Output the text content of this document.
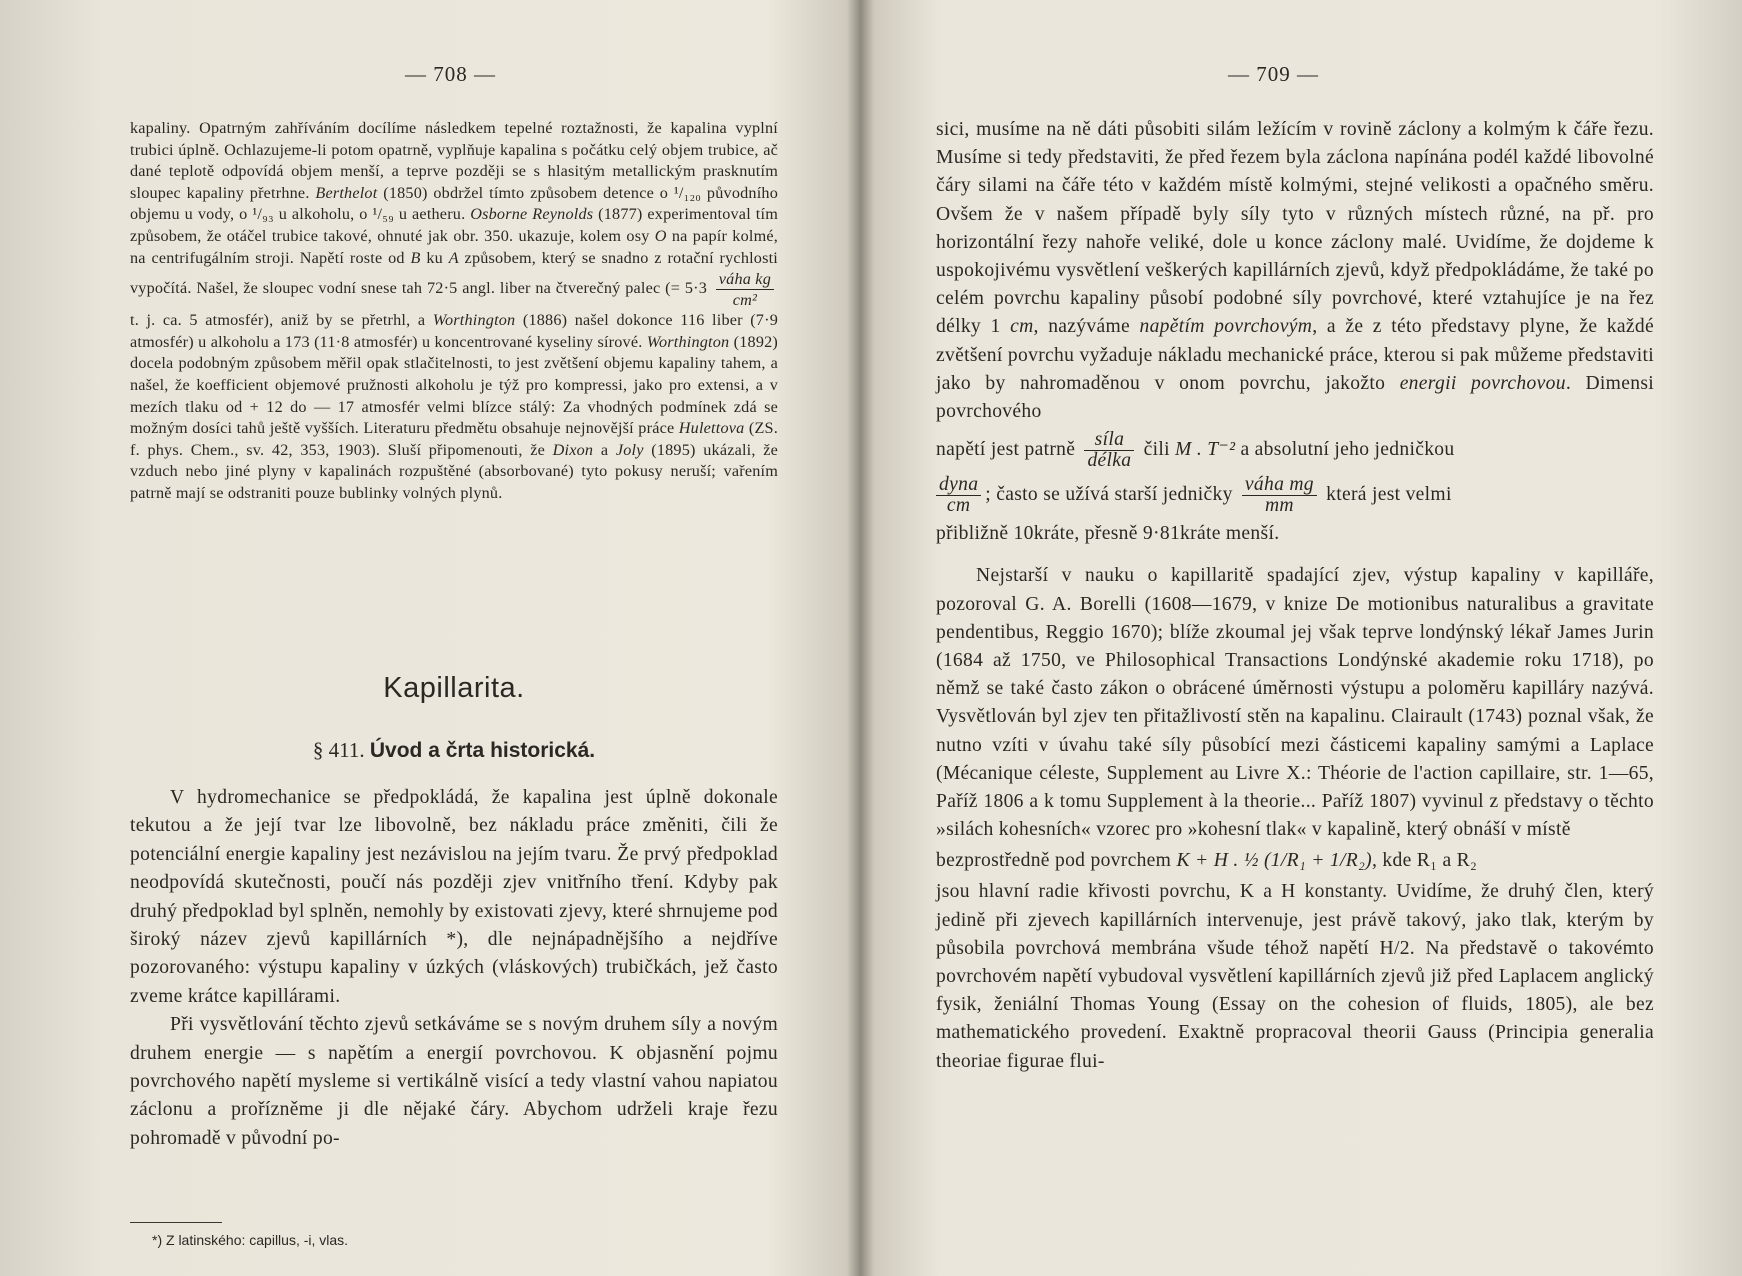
— 708 —

kapaliny. Opatrným zahříváním docílíme následkem tepelné roztažnosti, že kapalina vyplní trubici úplně. Ochlazujeme-li potom opatrně, vyplňuje kapalina s počátku celý objem trubice, ač dané teplotě odpovídá objem menší, a teprve později se s hlasitým metallickým prasknutím sloupec kapaliny přetrhne. Berthelot (1850) obdržel tímto způsobem detence o ¹/₁₂₀ původního objemu u vody, o ¹/₉₃ u alkoholu, o ¹/₅₉ u aetheru. Osborne Reynolds (1877) experimentoval tím způsobem, že otáčel trubice takové, ohnuté jak obr. 350. ukazuje, kolem osy O na papír kolmé, na centrifugálním stroji. Napětí roste od B ku A způsobem, který se snadno z rotační rychlosti vypočítá. Našel, že sloupec vodní snese tah 72·5 angl. liber na čtverečný palec (= $5\cdot 3 \frac{\text{váha kg}}{\text{cm²}}$
t. j. ca. 5 atmosfér), aniž by se přetrhl, a Worthington (1886) našel dokonce 116 liber (7·9 atmosfér) u alkoholu a 173 (11·8 atmosfér) u koncentrované kyseliny sírové. Worthington (1892) docela podobným způsobem měřil opak stlačitelnosti, to jest zvětšení objemu kapaliny tahem, a našel, že koefficient objemové pružnosti alkoholu je týž pro kompressi, jako pro extensi, a v mezích tlaku od + 12 do — 17 atmosfér velmi blízce stálý: Za vhodných podmínek zdá se možným dosíci tahů ještě vyšších. Literaturu předmětu obsahuje nejnovější práce Hulettova (ZS. f. phys. Chem., sv. 42, 353, 1903). Sluší připomenouti, že Dixon a Joly (1895) ukázali, že vzduch nebo jiné plyny v kapalinách rozpuštěné (absorbované) tyto pokusy neruší; vařením patrně mají se odstraniti pouze bublinky volných plynů.

Kapillarita.
§ 411. Úvod a črta historická.

V hydromechanice se předpokládá, že kapalina jest úplně dokonale tekutou a že její tvar lze libovolně, bez nákladu práce změniti, čili že potenciální energie kapaliny jest nezávislou na jejím tvaru. Že prvý předpoklad neodpovídá skutečnosti, poučí nás později zjev vnitřního tření. Kdyby pak druhý předpoklad byl splněn, nemohly by existovati zjevy, které shrnujeme pod široký název zjevů kapillárních *), dle nejnápadnějšího a nejdříve pozorovaného: výstupu kapaliny v úzkých (vláskových) trubičkách, jež často zveme krátce kapillárami.

Při vysvětlování těchto zjevů setkáváme se s novým druhem síly a novým druhem energie — s napětím a energií povrchovou. K objasnění pojmu povrchového napětí mysleme si vertikálně visící a tedy vlastní vahou napiatou záclonu a prořízněme ji dle nějaké čáry. Abychom udrželi kraje řezu pohromadě v původní po-

*) Z latinského: capillus, -i, vlas.
— 709 —

sici, musíme na ně dáti působiti silám ležícím v rovině záclony a kolmým k čáře řezu. Musíme si tedy představiti, že před řezem byla záclona napínána podél každé libovolné čáry silami na čáře této v každém místě kolmými, stejné velikosti a opačného směru. Ovšem že v našem případě byly síly tyto v různých místech různé, na př. pro horizontální řezy nahoře veliké, dole u konce záclony malé. Uvidíme, že dojdeme k uspokojivému vysvětlení veškerých kapillárních zjevů, když předpokládáme, že také po celém povrchu kapaliny působí podobné síly povrchové, které vztahujíce je na řez délky 1 cm, nazýváme napětím povrchovým, a že z této představy plyne, že každé zvětšení povrchu vyžaduje nákladu mechanické práce, kterou si pak můžeme představiti jako by nahromaděnou v onom povrchu, jakožto energii povrchovou. Dimensi povrchového

napětí jest patrně $\frac{\text{síla}}{\text{délka}}$ čili M . T⁻² a absolutní jeho jedničkou

$\frac{\text{dyna}}{cm}$ ; často se užívá starší jedničky $\frac{\text{váha mg}}{mm}$ která jest velmi

přibližně 10kráte, přesně 9·81kráte menší.

Nejstarší v nauku o kapillaritě spadající zjev, výstup kapaliny v kapilláře, pozoroval G. A. Borelli (1608—1679, v knize De motionibus naturalibus a gravitate pendentibus, Reggio 1670); blíže zkoumal jej však teprve londýnský lékař James Jurin (1684 až 1750, ve Philosophical Transactions Londýnské akademie roku 1718), po němž se také často zákon o obrácené úměrnosti výstupu a poloměru kapilláry nazývá. Vysvětlován byl zjev ten přitažlivostí stěn na kapalinu. Clairault (1743) poznal však, že nutno vzíti v úvahu také síly působící mezi částicemi kapaliny samými a Laplace (Mécanique céleste, Supplement au Livre X.: Théorie de l'action capillaire, str. 1—65, Paříž 1806 a k tomu Supplement à la theorie... Paříž 1807) vyvinul z představy o těchto »silách kohesních« vzorec pro »kohesní tlak« v kapalině, který obnáší v místě

bezprostředně pod povrchem K + H . ½ (1/R₁ + 1/R₂), kde R₁ a R₂

jsou hlavní radie křivosti povrchu, K a H konstanty. Uvidíme, že druhý člen, který jedině při zjevech kapillárních intervenuje, jest právě takový, jako tlak, kterým by působila povrchová membrána všude téhož napětí H/2. Na představě o takovémto povrchovém napětí vybudoval vysvětlení kapillárních zjevů již před Laplacem anglický fysik, ženiální Thomas Young (Essay on the cohesion of fluids, 1805), ale bez mathematického provedení. Exaktně propracoval theorii Gauss (Principia generalia theoriae figurae flui-
